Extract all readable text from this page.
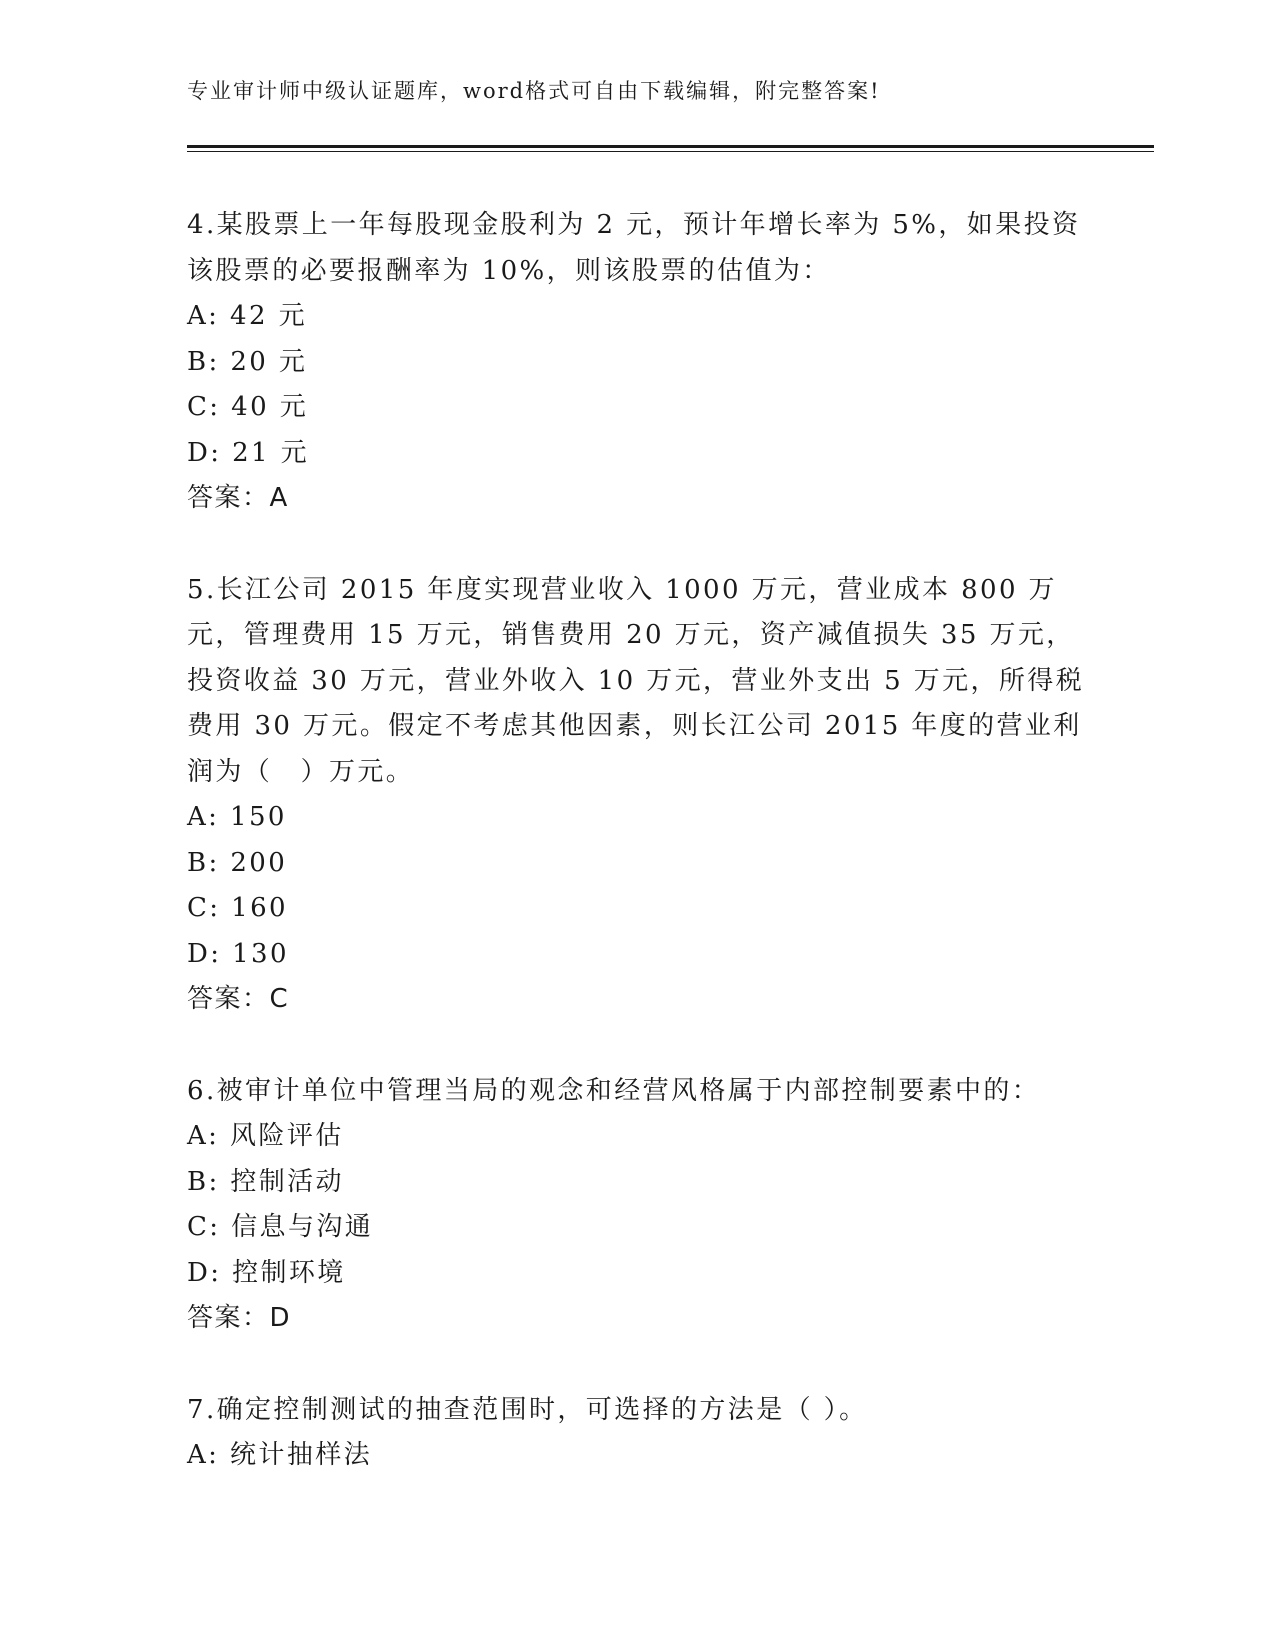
专业审计师中级认证题库，word格式可自由下载编辑，附完整答案!

4.某股票上一年每股现金股利为 2 元，预计年增长率为 5%，如果投资该股票的必要报酬率为 10%，则该股票的估值为：

A: 42 元
B: 20 元
C: 40 元
D: 21 元
答案：A

5.长江公司 2015 年度实现营业收入 1000 万元，营业成本 800 万元，管理费用 15 万元，销售费用 20 万元，资产减值损失 35 万元，投资收益 30 万元，营业外收入 10 万元，营业外支出 5 万元，所得税费用 30 万元。假定不考虑其他因素，则长江公司 2015 年度的营业利润为（　）万元。

A: 150
B: 200
C: 160
D: 130
答案：C

6.被审计单位中管理当局的观念和经营风格属于内部控制要素中的：

A: 风险评估
B: 控制活动
C: 信息与沟通
D: 控制环境
答案：D

7.确定控制测试的抽查范围时，可选择的方法是（ ）。

A: 统计抽样法
